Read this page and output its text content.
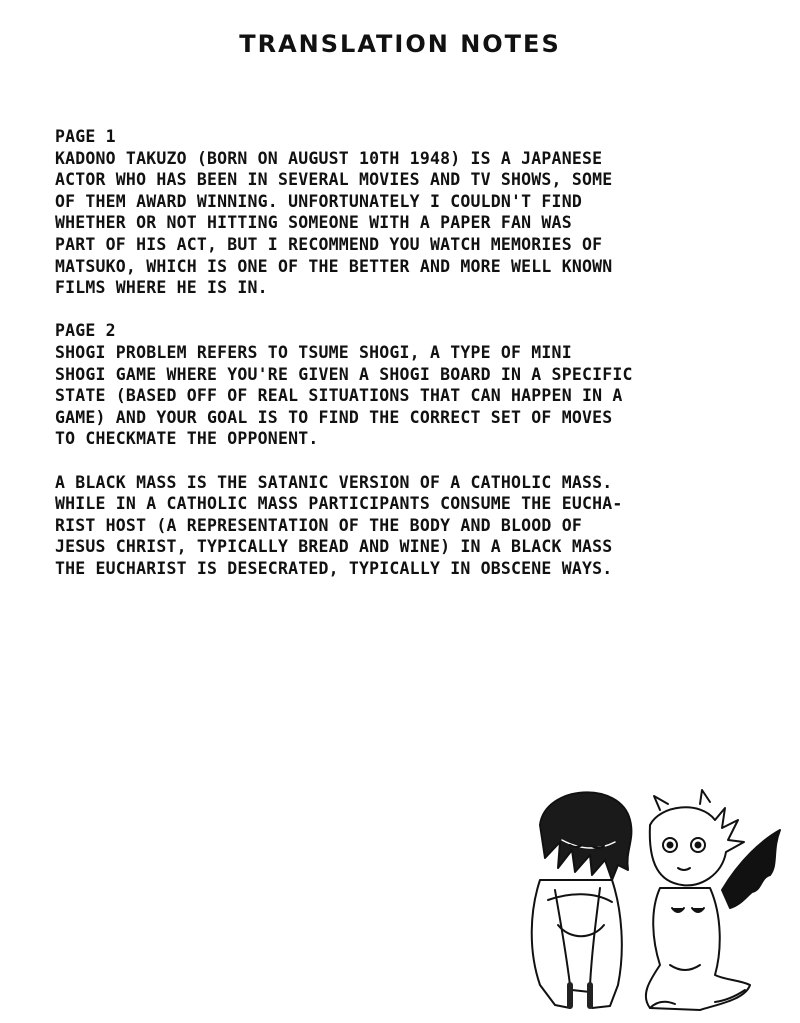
TRANSLATION NOTES
PAGE 1
KADONO TAKUZO (BORN ON AUGUST 10TH 1948) IS A JAPANESE
ACTOR WHO HAS BEEN IN SEVERAL MOVIES AND TV SHOWS, SOME
OF THEM AWARD WINNING. UNFORTUNATELY I COULDN'T FIND
WHETHER OR NOT HITTING SOMEONE WITH A PAPER FAN WAS
PART OF HIS ACT, BUT I RECOMMEND YOU WATCH MEMORIES OF
MATSUKO, WHICH IS ONE OF THE BETTER AND MORE WELL KNOWN
FILMS WHERE HE IS IN.
PAGE 2
SHOGI PROBLEM REFERS TO TSUME SHOGI, A TYPE OF MINI
SHOGI GAME WHERE YOU'RE GIVEN A SHOGI BOARD IN A SPECIFIC
STATE (BASED OFF OF REAL SITUATIONS THAT CAN HAPPEN IN A
GAME) AND YOUR GOAL IS TO FIND THE CORRECT SET OF MOVES
TO CHECKMATE THE OPPONENT.
A BLACK MASS IS THE SATANIC VERSION OF A CATHOLIC MASS.
WHILE IN A CATHOLIC MASS PARTICIPANTS CONSUME THE EUCHA-
RIST HOST (A REPRESENTATION OF THE BODY AND BLOOD OF
JESUS CHRIST, TYPICALLY BREAD AND WINE) IN A BLACK MASS
THE EUCHARIST IS DESECRATED, TYPICALLY IN OBSCENE WAYS.
